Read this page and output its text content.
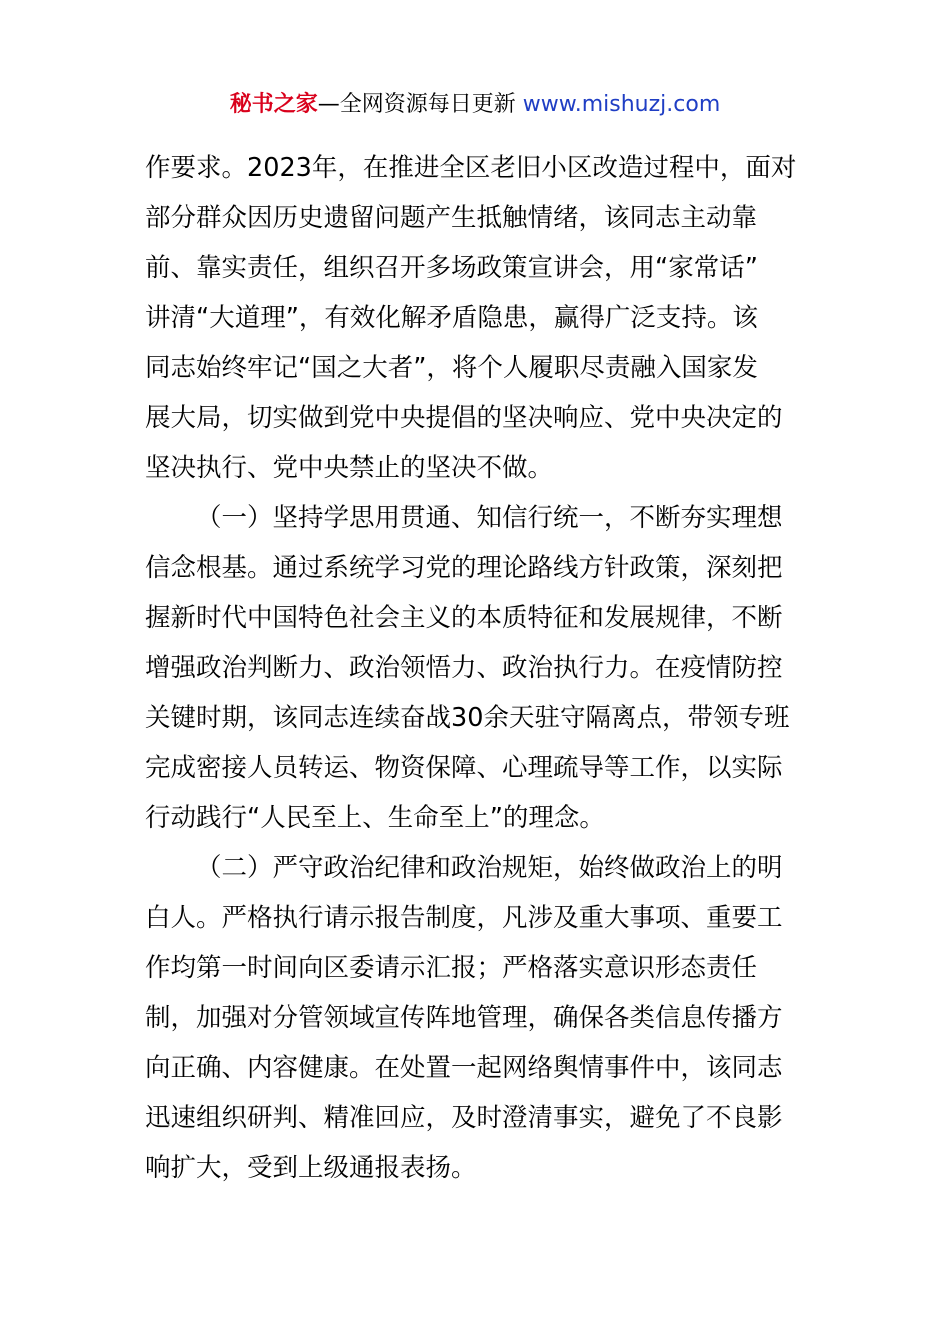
秘书之家—全网资源每日更新 www.mishuzj.com
作要求。2023年，在推进全区老旧小区改造过程中，面对
部分群众因历史遗留问题产生抵触情绪，该同志主动靠
前、靠实责任，组织召开多场政策宣讲会，用“家常话”
讲清“大道理”，有效化解矛盾隐患，赢得广泛支持。该
同志始终牢记“国之大者”，将个人履职尽责融入国家发
展大局，切实做到党中央提倡的坚决响应、党中央决定的
坚决执行、党中央禁止的坚决不做。
（一）坚持学思用贯通、知信行统一，不断夯实理想
信念根基。通过系统学习党的理论路线方针政策，深刻把
握新时代中国特色社会主义的本质特征和发展规律，不断
增强政治判断力、政治领悟力、政治执行力。在疫情防控
关键时期，该同志连续奋战30余天驻守隔离点，带领专班
完成密接人员转运、物资保障、心理疏导等工作，以实际
行动践行“人民至上、生命至上”的理念。
（二）严守政治纪律和政治规矩，始终做政治上的明
白人。严格执行请示报告制度，凡涉及重大事项、重要工
作均第一时间向区委请示汇报；严格落实意识形态责任
制，加强对分管领域宣传阵地管理，确保各类信息传播方
向正确、内容健康。在处置一起网络舆情事件中，该同志
迅速组织研判、精准回应，及时澄清事实，避免了不良影
响扩大，受到上级通报表扬。
